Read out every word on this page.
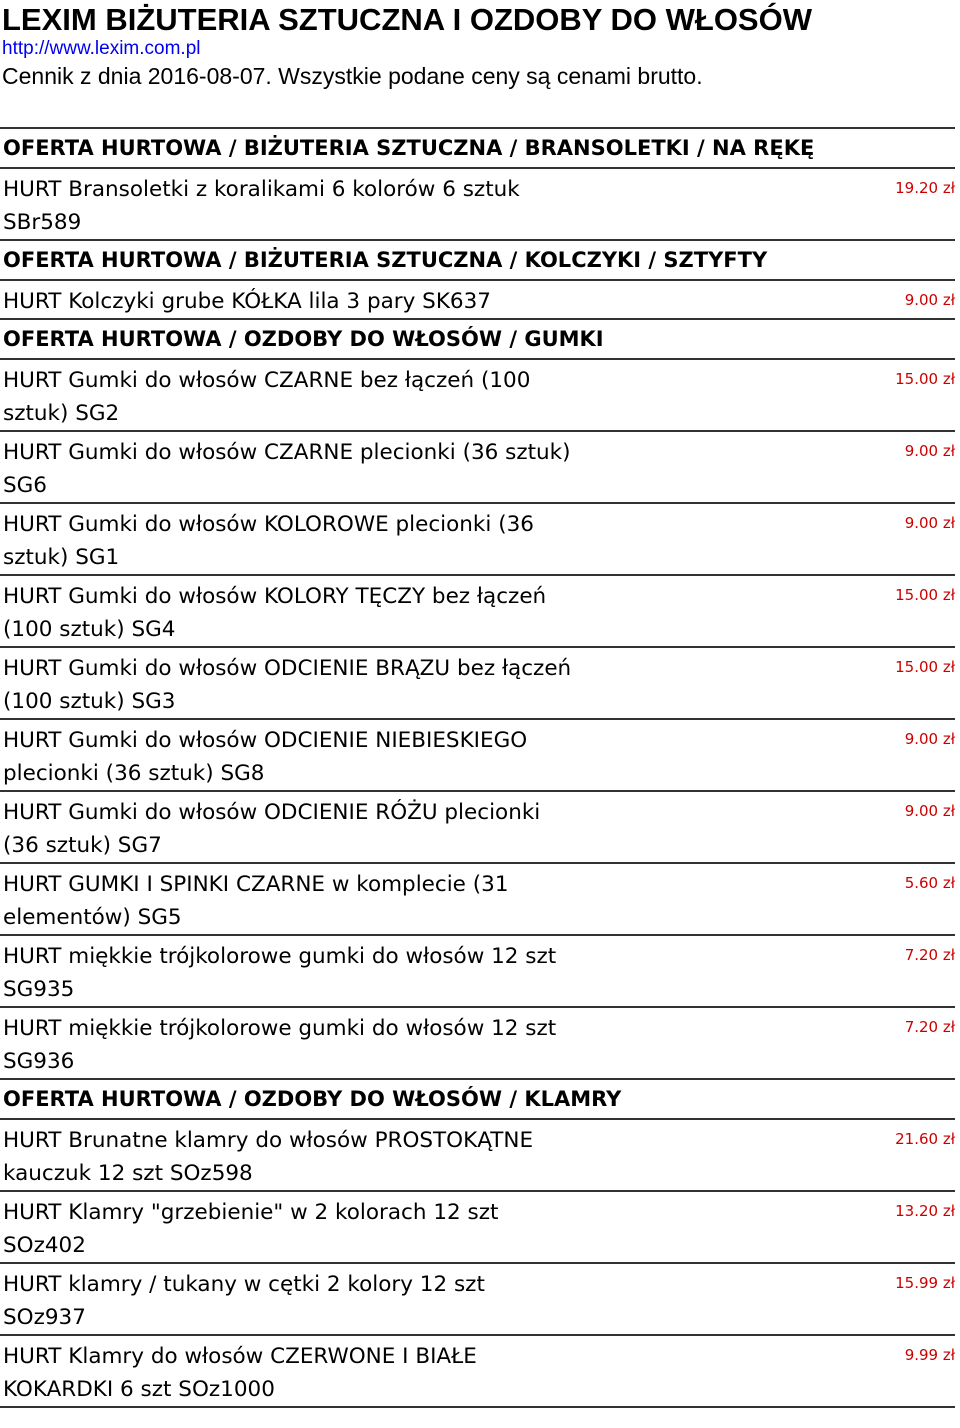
LEXIM BIŻUTERIA SZTUCZNA I OZDOBY DO WŁOSÓW
http://www.lexim.com.pl
Cennik z dnia 2016-08-07. Wszystkie podane ceny są cenami brutto.
OFERTA HURTOWA / BIŻUTERIA SZTUCZNA / BRANSOLETKI / NA RĘKĘ
HURT Bransoletki z koralikami 6 kolorów 6 sztuk SBr589
19.20 zł
OFERTA HURTOWA / BIŻUTERIA SZTUCZNA / KOLCZYKI / SZTYFTY
HURT Kolczyki grube KÓŁKA lila 3 pary SK637	9.00 zł
OFERTA HURTOWA / OZDOBY DO WŁOSÓW / GUMKI
HURT Gumki do włosów CZARNE bez łączeń (100 sztuk) SG2
15.00 zł
HURT Gumki do włosów CZARNE plecionki (36 sztuk) SG6
9.00 zł
HURT Gumki do włosów KOLOROWE plecionki (36 sztuk) SG1
9.00 zł
HURT Gumki do włosów KOLORY TĘCZY bez łączeń (100 sztuk) SG4
15.00 zł
HURT Gumki do włosów ODCIENIE BRĄZU bez łączeń (100 sztuk) SG3
15.00 zł
HURT Gumki do włosów ODCIENIE NIEBIESKIEGO plecionki (36 sztuk) SG8
9.00 zł
HURT Gumki do włosów ODCIENIE RÓŻU plecionki (36 sztuk) SG7
9.00 zł
HURT GUMKI I SPINKI CZARNE w komplecie (31 elementów) SG5
5.60 zł
HURT miękkie trójkolorowe gumki do włosów 12 szt SG935
7.20 zł
HURT miękkie trójkolorowe gumki do włosów 12 szt SG936
7.20 zł
OFERTA HURTOWA / OZDOBY DO WŁOSÓW / KLAMRY
HURT Brunatne klamry do włosów PROSTOKĄTNE kauczuk 12 szt SOz598
21.60 zł
HURT Klamry "grzebienie" w 2 kolorach 12 szt SOz402
13.20 zł
HURT klamry / tukany w cętki 2 kolory 12 szt SOz937
15.99 zł
HURT Klamry do włosów CZERWONE I BIAŁE KOKARDKI 6 szt SOz1000
9.99 zł
